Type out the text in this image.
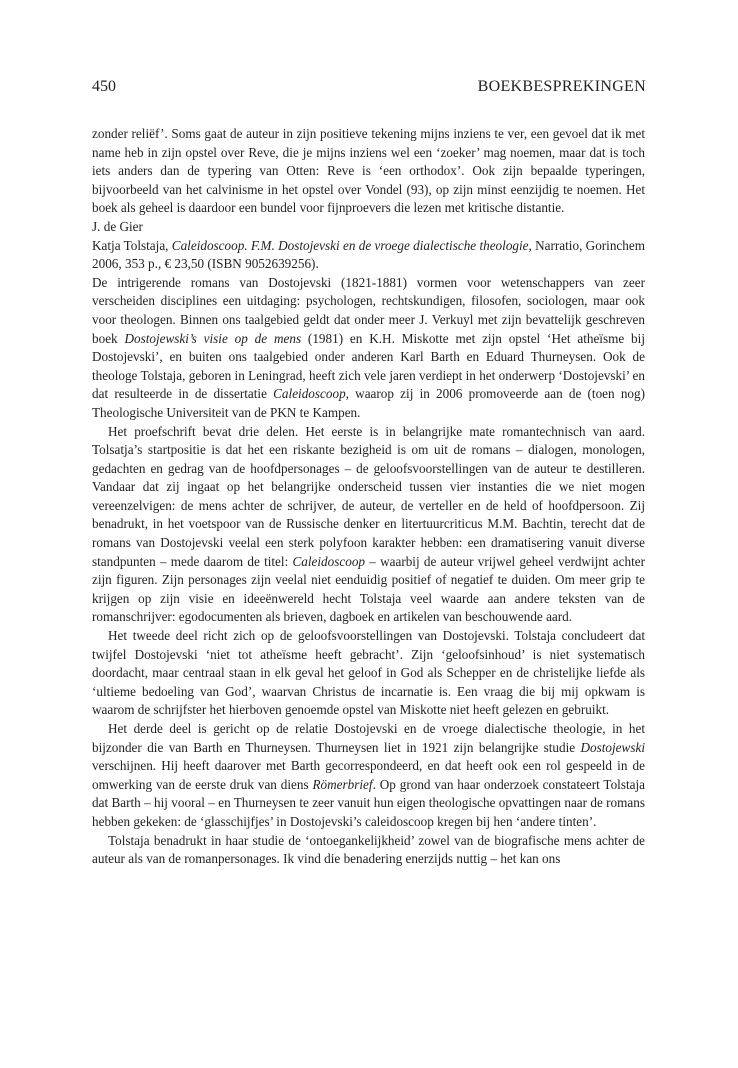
450	BOEKBESPREKINGEN

zonder reliëf’. Soms gaat de auteur in zijn positieve tekening mijns inziens te ver, een gevoel dat ik met name heb in zijn opstel over Reve, die je mijns inziens wel een ‘zoeker’ mag noemen, maar dat is toch iets anders dan de typering van Otten: Reve is ‘een orthodox’. Ook zijn bepaalde typeringen, bijvoorbeeld van het calvinisme in het opstel over Vondel (93), op zijn minst eenzijdig te noemen. Het boek als geheel is daardoor een bundel voor fijnproevers die lezen met kritische distantie.

J. de Gier

Katja Tolstaja, Caleidoscoop. F.M. Dostojevski en de vroege dialectische theologie, Narratio, Gorinchem 2006, 353 p., € 23,50 (ISBN 9052639256).

De intrigerende romans van Dostojevski (1821-1881) vormen voor wetenschappers van zeer verscheiden disciplines een uitdaging: psychologen, rechtskundigen, filosofen, sociologen, maar ook voor theologen. Binnen ons taalgebied geldt dat onder meer J. Verkuyl met zijn bevattelijk geschreven boek Dostojewski’s visie op de mens (1981) en K.H. Miskotte met zijn opstel ‘Het atheïsme bij Dostojevski’, en buiten ons taalgebied onder anderen Karl Barth en Eduard Thurneysen. Ook de theologe Tolstaja, geboren in Leningrad, heeft zich vele jaren verdiept in het onderwerp ‘Dostojevski’ en dat resulteerde in de dissertatie Caleidoscoop, waarop zij in 2006 promoveerde aan de (toen nog) Theologische Universiteit van de PKN te Kampen.

Het proefschrift bevat drie delen. Het eerste is in belangrijke mate romantechnisch van aard. Tolsatja’s startpositie is dat het een riskante bezigheid is om uit de romans – dialogen, monologen, gedachten en gedrag van de hoofdpersonages – de geloofsvoorstellingen van de auteur te destilleren. Vandaar dat zij ingaat op het belangrijke onderscheid tussen vier instanties die we niet mogen vereenzelvigen: de mens achter de schrijver, de auteur, de verteller en de held of hoofdpersoon. Zij benadrukt, in het voetspoor van de Russische denker en litertuurcriticus M.M. Bachtin, terecht dat de romans van Dostojevski veelal een sterk polyfoon karakter hebben: een dramatisering vanuit diverse standpunten – mede daarom de titel: Caleidoscoop – waarbij de auteur vrijwel geheel verdwijnt achter zijn figuren. Zijn personages zijn veelal niet eenduidig positief of negatief te duiden. Om meer grip te krijgen op zijn visie en ideeënwereld hecht Tolstaja veel waarde aan andere teksten van de romanschrijver: egodocumenten als brieven, dagboek en artikelen van beschouwende aard.

Het tweede deel richt zich op de geloofsvoorstellingen van Dostojevski. Tolstaja concludeert dat twijfel Dostojevski ‘niet tot atheïsme heeft gebracht’. Zijn ‘geloofsinhoud’ is niet systematisch doordacht, maar centraal staan in elk geval het geloof in God als Schepper en de christelijke liefde als ‘ultieme bedoeling van God’, waarvan Christus de incarnatie is. Een vraag die bij mij opkwam is waarom de schrijfster het hierboven genoemde opstel van Miskotte niet heeft gelezen en gebruikt.

Het derde deel is gericht op de relatie Dostojevski en de vroege dialectische theologie, in het bijzonder die van Barth en Thurneysen. Thurneysen liet in 1921 zijn belangrijke studie Dostojewski verschijnen. Hij heeft daarover met Barth gecorrespondeerd, en dat heeft ook een rol gespeeld in de omwerking van de eerste druk van diens Römerbrief. Op grond van haar onderzoek constateert Tolstaja dat Barth – hij vooral – en Thurneysen te zeer vanuit hun eigen theologische opvattingen naar de romans hebben gekeken: de ‘glasschijfjes’ in Dostojevski’s caleidoscoop kregen bij hen ‘andere tinten’.

Tolstaja benadrukt in haar studie de ‘ontoegankelijkheid’ zowel van de biografische mens achter de auteur als van de romanpersonages. Ik vind die benadering enerzijds nuttig – het kan ons
